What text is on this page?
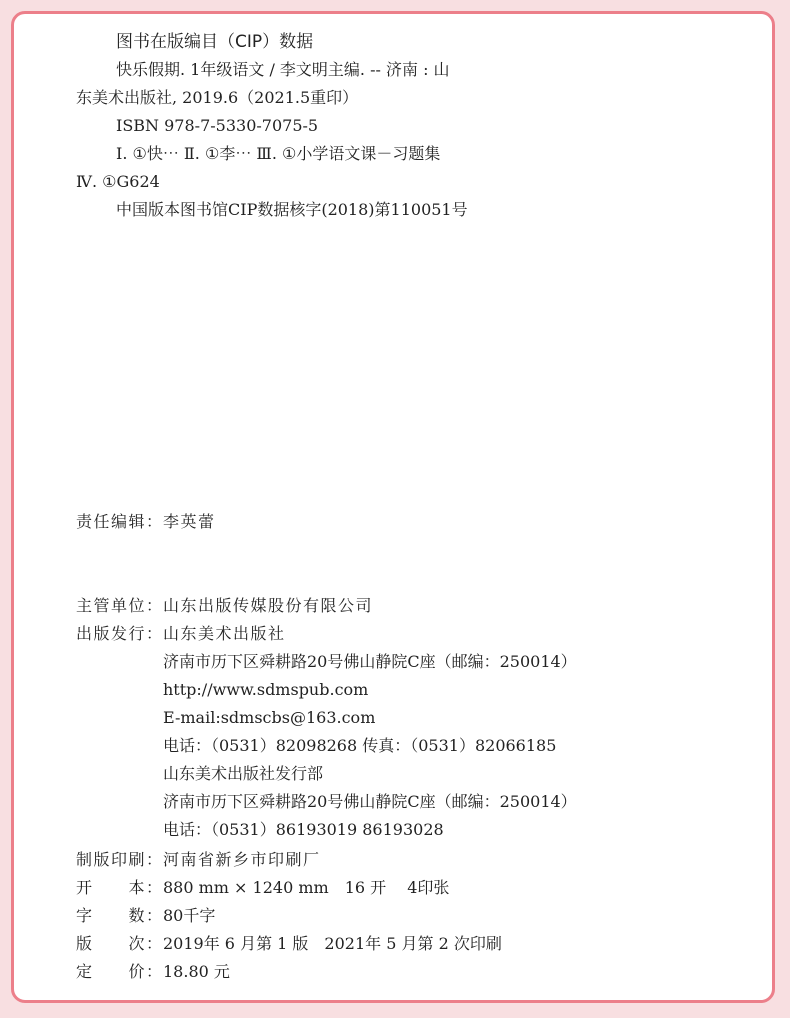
图书在版编目（CIP）数据
快乐假期. 1年级语文 / 李文明主编. -- 济南 : 山
东美术出版社, 2019.6（2021.5重印）
ISBN 978-7-5330-7075-5
Ⅰ. ①快⋯ Ⅱ. ①李⋯ Ⅲ. ①小学语文课－习题集
Ⅳ. ①G624
中国版本图书馆CIP数据核字(2018)第110051号
责任编辑： 李英蕾
主管单位： 山东出版传媒股份有限公司
出版发行： 山东美术出版社
济南市历下区舜耕路20号佛山静院C座（邮编：250014）
http://www.sdmspub.com
E-mail:sdmscbs@163.com
电话：（0531）82098268 传真：（0531）82066185
山东美术出版社发行部
济南市历下区舜耕路20号佛山静院C座（邮编：250014）
电话：（0531）86193019 86193028
制版印刷： 河南省新乡市印刷厂
开　　本： 880 mm × 1240 mm　16 开　 4印张
字　　数： 80千字
版　　次： 2019年 6 月第 1 版　2021年 5 月第 2 次印刷
定　　价： 18.80 元
